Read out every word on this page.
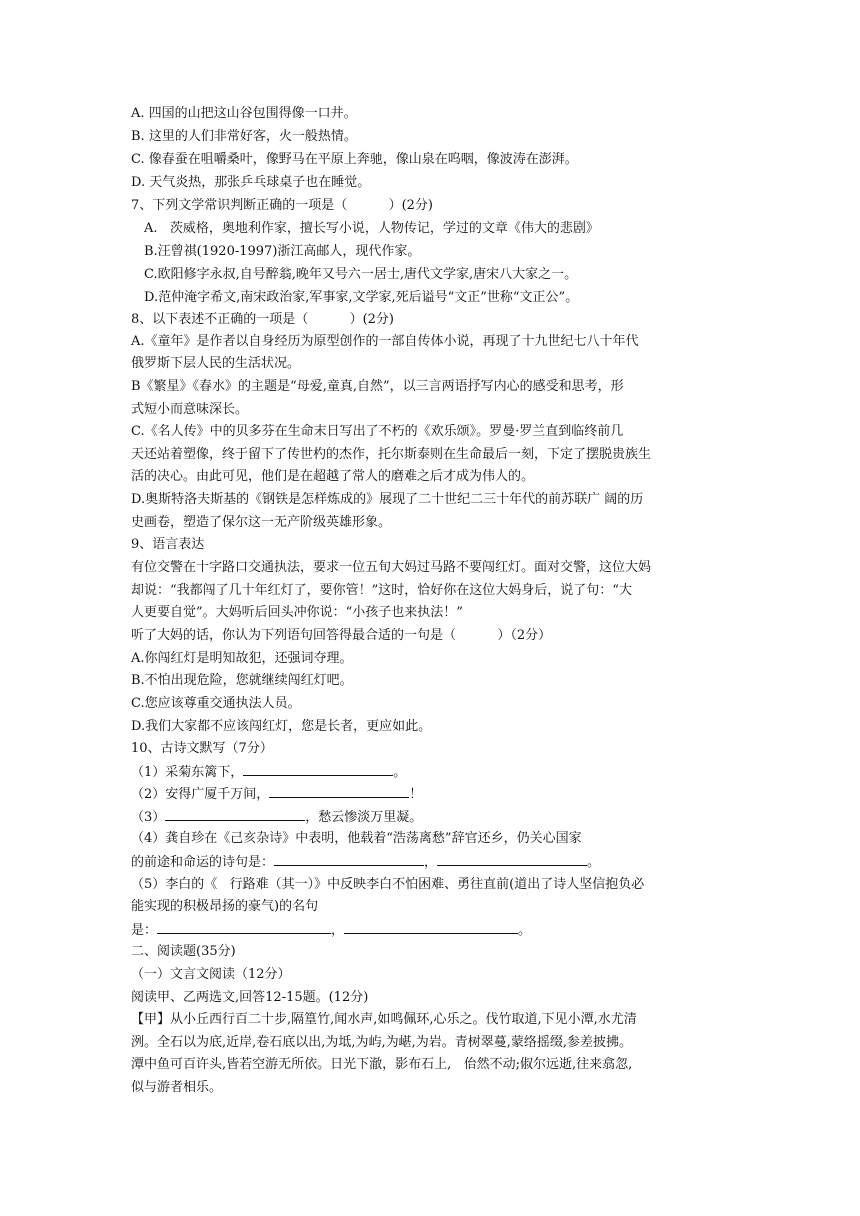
A. 四国的山把这山谷包围得像一口井。
B. 这里的人们非常好客，火一般热情。
C. 像春蚕在咀嚼桑叶，像野马在平原上奔驰，像山泉在呜咽，像波涛在澎湃。
D. 天气炎热，那张乒乓球桌子也在睡觉。
7、下列文学常识判断正确的一项是（          ）(2分)
A.   茨威格，奥地利作家，擅长写小说，人物传记，学过的文章《伟大的悲剧》
B.汪曾祺(1920-1997)浙江高邮人，现代作家。
C.欧阳修字永叔,自号醉翁,晚年又号六一居士,唐代文学家,唐宋八大家之一。
D.范仲淹字希文,南宋政治家,军事家,文学家,死后谥号“文正”世称“文正公”。
8、以下表述不正确的一项是（          ）(2分)
A.《童年》是作者以自身经历为原型创作的一部自传体小说，再现了十九世纪七八十年代
俄罗斯下层人民的生活状况。
B《繁星》《春水》的主题是“母爱,童真,自然”，以三言两语抒写内心的感受和思考，形
式短小而意味深长。
C.《名人传》中的贝多芬在生命末日写出了不朽的《欢乐颂》。罗曼·罗兰直到临终前几
天还站着塑像，终于留下了传世杓的杰作，托尔斯泰则在生命最后一刻，下定了摆脱贵族生
活的决心。由此可见，他们是在超越了常人的磨难之后才成为伟人的。
D.奥斯特洛夫斯基的《钢铁是怎样炼成的》展现了二十世纪二三十年代的前苏联广 阔的历
史画卷，塑造了保尔这一无产阶级英雄形象。
9、语言表达
有位交警在十字路口交通执法，要求一位五旬大妈过马路不要闯红灯。面对交警，这位大妈
却说：“我都闯了几十年红灯了，要你管！”这时，恰好你在这位大妈身后，说了句：“大
人更要自觉”。大妈听后回头冲你说：“小孩子也来执法！”
听了大妈的话，你认为下列语句回答得最合适的一句是（          ）（2分）
A.你闯红灯是明知故犯，还强词夺理。
B.不怕出现危险，您就继续闯红灯吧。
C.您应该尊重交通执法人员。
D.我们大家都不应该闯红灯，您是长者，更应如此。
10、古诗文默写（7分）
（1）采菊东篱下，	。
（2）安得广厦千万间，	！
（3）	，愁云惨淡万里凝。
（4）龚自珍在《己亥杂诗》中表明，他载着“浩荡离愁”辞官还乡，仍关心国家
的前途和命运的诗句是：	，	。
（5）李白的《   行路难（其一）》中反映李白不怕困难、勇往直前(道出了诗人坚信抱负必
能实现的积极昂扬的豪气)的名句
是：	，	。
二、阅读题(35分)
（一）文言文阅读（12分）
阅读甲、乙两选文,回答12-15题。(12分)
【甲】从小丘西行百二十步,隔篁竹,闻水声,如鸣佩环,心乐之。伐竹取道,下见小潭,水尤清
洌。全石以为底,近岸,卷石底以出,为坻,为屿,为嵁,为岩。青树翠蔓,蒙络摇缀,参差披拂。
潭中鱼可百许头,皆若空游无所依。日光下澈，影布石上,   佁然不动;俶尔远逝,往来翕忽,
似与游者相乐。
